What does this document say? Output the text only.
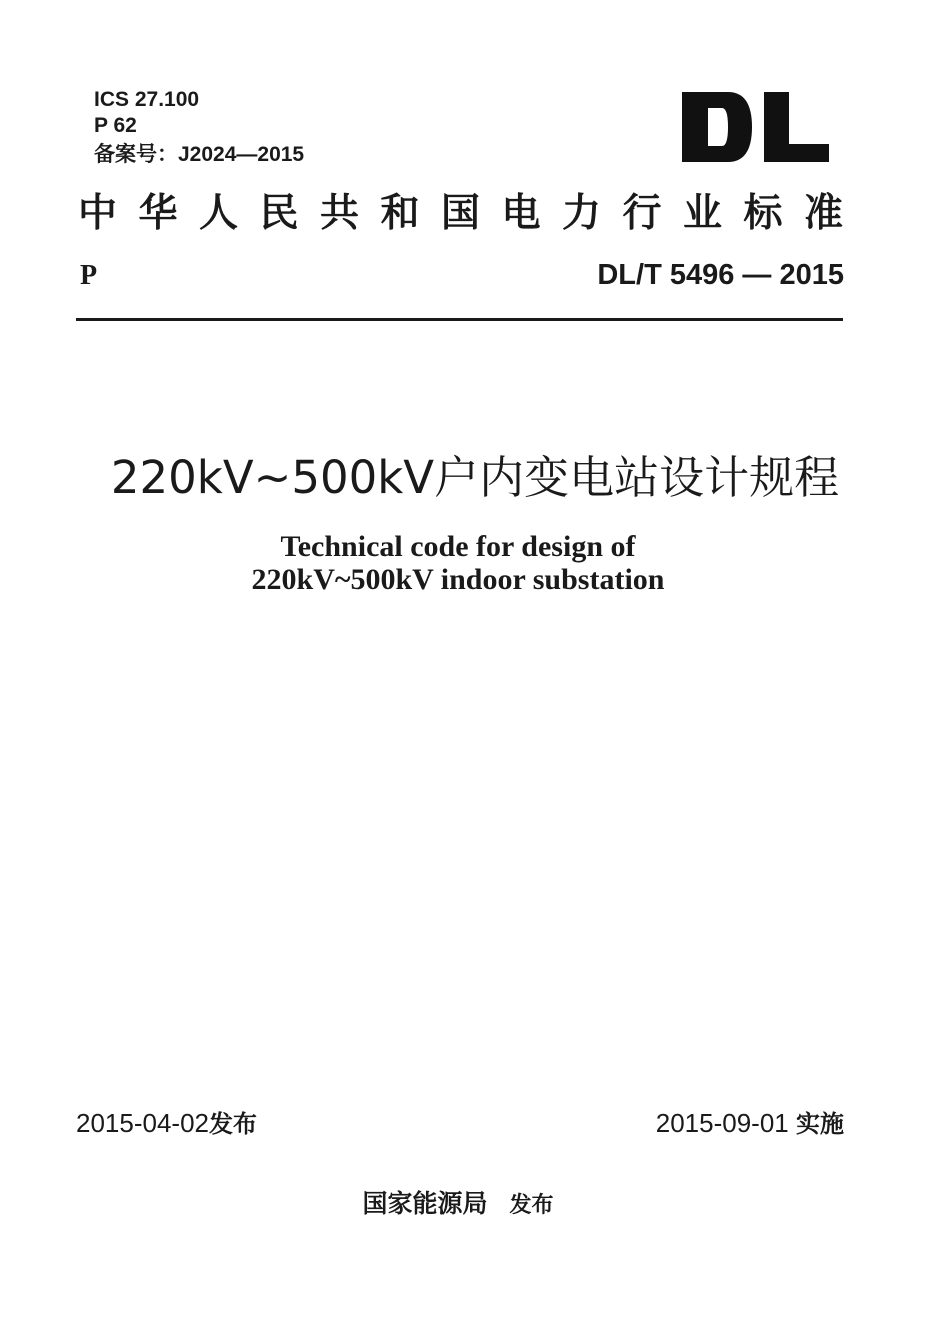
ICS 27.100
P 62
备案号：J2024—2015
中华人民共和国电力行业标准
P	DL/T 5496 — 2015
220kV~500kV户内变电站设计规程
Technical code for design of
220kV~500kV indoor substation
2015-04-02发布	2015-09-01 实施
国家能源局 发布
